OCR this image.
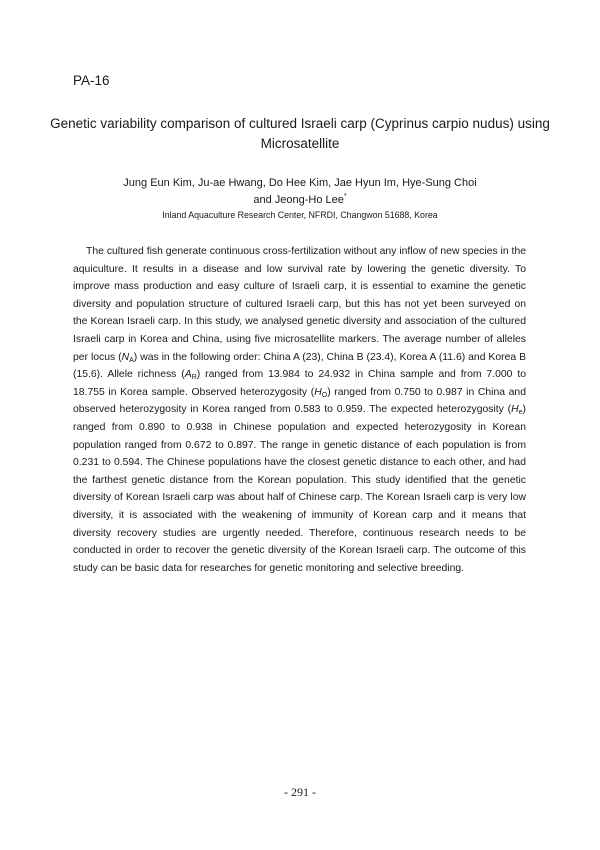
PA-16
Genetic variability comparison of cultured Israeli carp (Cyprinus carpio nudus) using
Microsatellite
Jung Eun Kim, Ju-ae Hwang, Do Hee Kim, Jae Hyun Im, Hye-Sung Choi
and Jeong-Ho Lee*
Inland Aquaculture Research Center, NFRDI, Changwon 51688, Korea

The cultured fish generate continuous cross-fertilization without any inflow of new species in the aquiculture. It results in a disease and low survival rate by lowering the genetic diversity. To improve mass production and easy culture of Israeli carp, it is essential to examine the genetic diversity and population structure of cultured Israeli carp, but this has not yet been surveyed on the Korean Israeli carp. In this study, we analysed genetic diversity and association of the cultured Israeli carp in Korea and China, using five microsatellite markers. The average number of alleles per locus $(N_A)$ was in the following order: China A (23), China B (23.4), Korea A (11.6) and Korea B (15.6). Allele richness $(A_R)$ ranged from 13.984 to 24.932 in China sample and from 7.000 to 18.755 in Korea sample. Observed heterozygosity $(H_O)$ ranged from 0.750 to 0.987 in China and observed heterozygosity in Korea ranged from 0.583 to 0.959. The expected heterozygosity $(H_e)$ ranged from 0.890 to 0.938 in Chinese population and expected heterozygosity in Korean population ranged from 0.672 to 0.897. The range in genetic distance of each population is from 0.231 to 0.594. The Chinese populations have the closest genetic distance to each other, and had the farthest genetic distance from the Korean population. This study identified that the genetic diversity of Korean Israeli carp was about half of Chinese carp. The Korean Israeli carp is very low diversity, it is associated with the weakening of immunity of Korean carp and it means that diversity recovery studies are urgently needed. Therefore, continuous research needs to be conducted in order to recover the genetic diversity of the Korean Israeli carp. The outcome of this study can be basic data for researches for genetic monitoring and selective breeding.

- 291 -
